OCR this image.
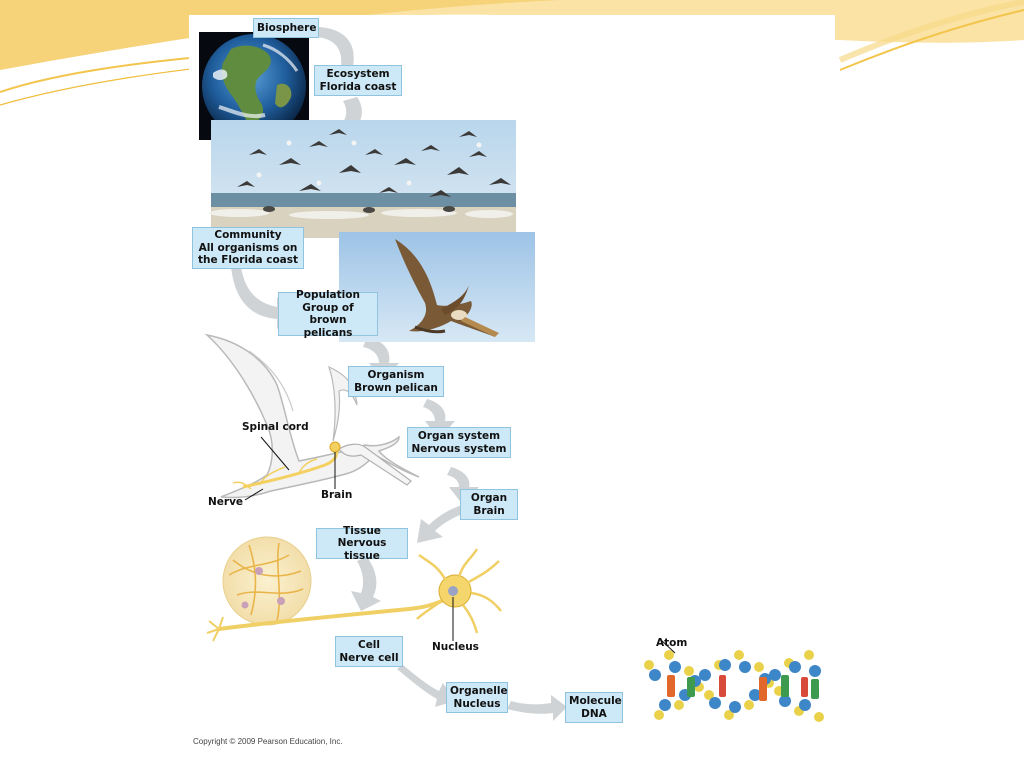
Biosphere
Ecosystem
Florida coast
Community
All organisms on
the Florida coast
Population
Group of brown
pelicans
Organism
Brown pelican
Organ system
Nervous system
Organ
Brain
Tissue
Nervous tissue
Cell
Nerve cell
Organelle
Nucleus	Molecule
DNA
Spinal cord
Brain
Nerve
Nucleus	Atom
Copyright © 2009 Pearson Education, Inc.
